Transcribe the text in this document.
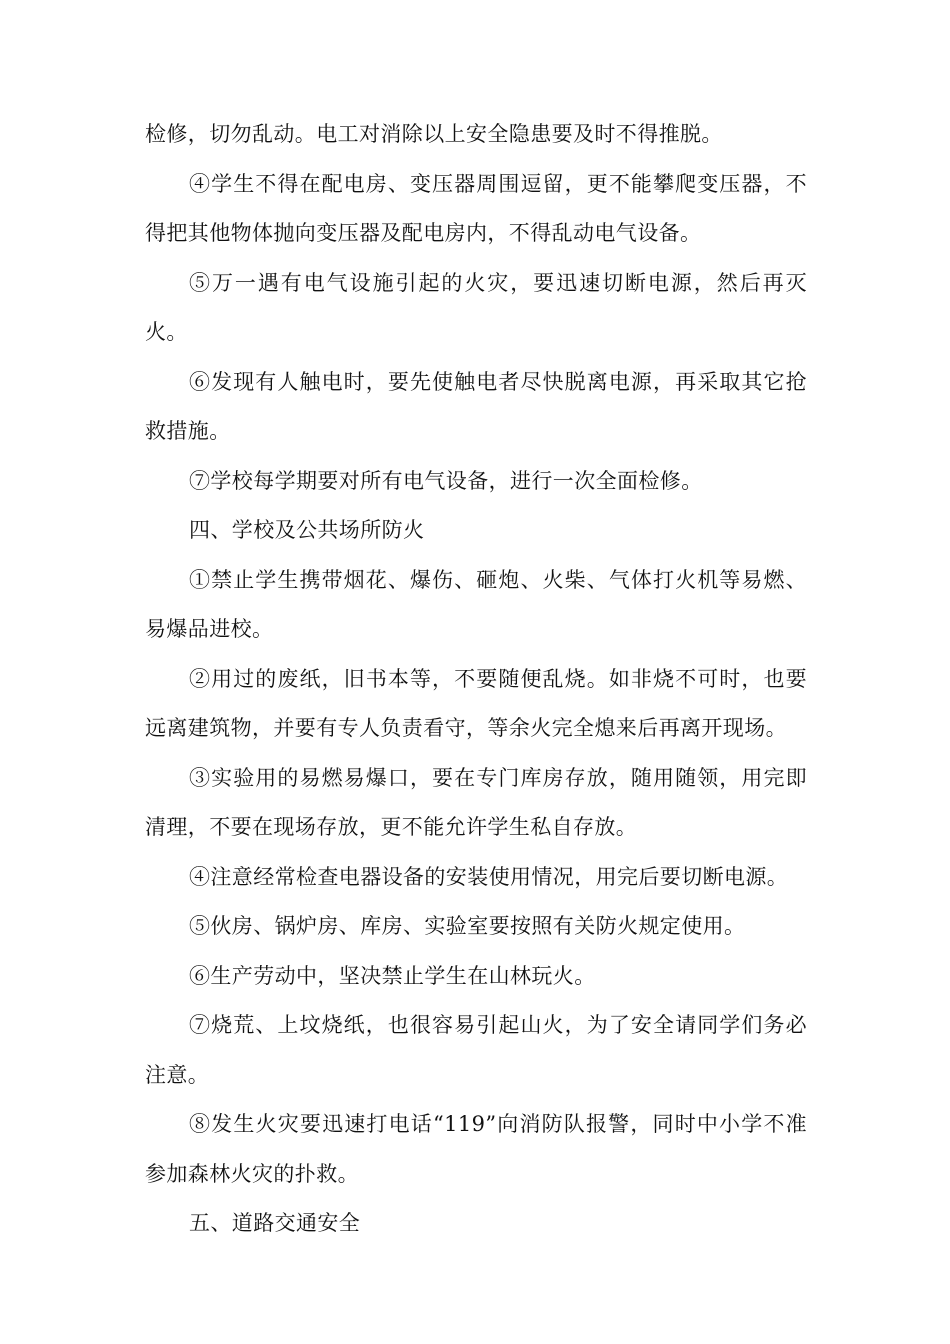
检修，切勿乱动。电工对消除以上安全隐患要及时不得推脱。

④学生不得在配电房、变压器周围逗留，更不能攀爬变压器，不得把其他物体抛向变压器及配电房内，不得乱动电气设备。

⑤万一遇有电气设施引起的火灾，要迅速切断电源，然后再灭火。

⑥发现有人触电时，要先使触电者尽快脱离电源，再采取其它抢救措施。

⑦学校每学期要对所有电气设备，进行一次全面检修。

四、学校及公共场所防火

①禁止学生携带烟花、爆伤、砸炮、火柴、气体打火机等易燃、易爆品进校。

②用过的废纸，旧书本等，不要随便乱烧。如非烧不可时，也要远离建筑物，并要有专人负责看守，等余火完全熄来后再离开现场。

③实验用的易燃易爆口，要在专门库房存放，随用随领，用完即清理，不要在现场存放，更不能允许学生私自存放。

④注意经常检查电器设备的安装使用情况，用完后要切断电源。

⑤伙房、锅炉房、库房、实验室要按照有关防火规定使用。

⑥生产劳动中，坚决禁止学生在山林玩火。

⑦烧荒、上坟烧纸，也很容易引起山火，为了安全请同学们务必注意。

⑧发生火灾要迅速打电话“119”向消防队报警，同时中小学不准参加森林火灾的扑救。

五、道路交通安全
